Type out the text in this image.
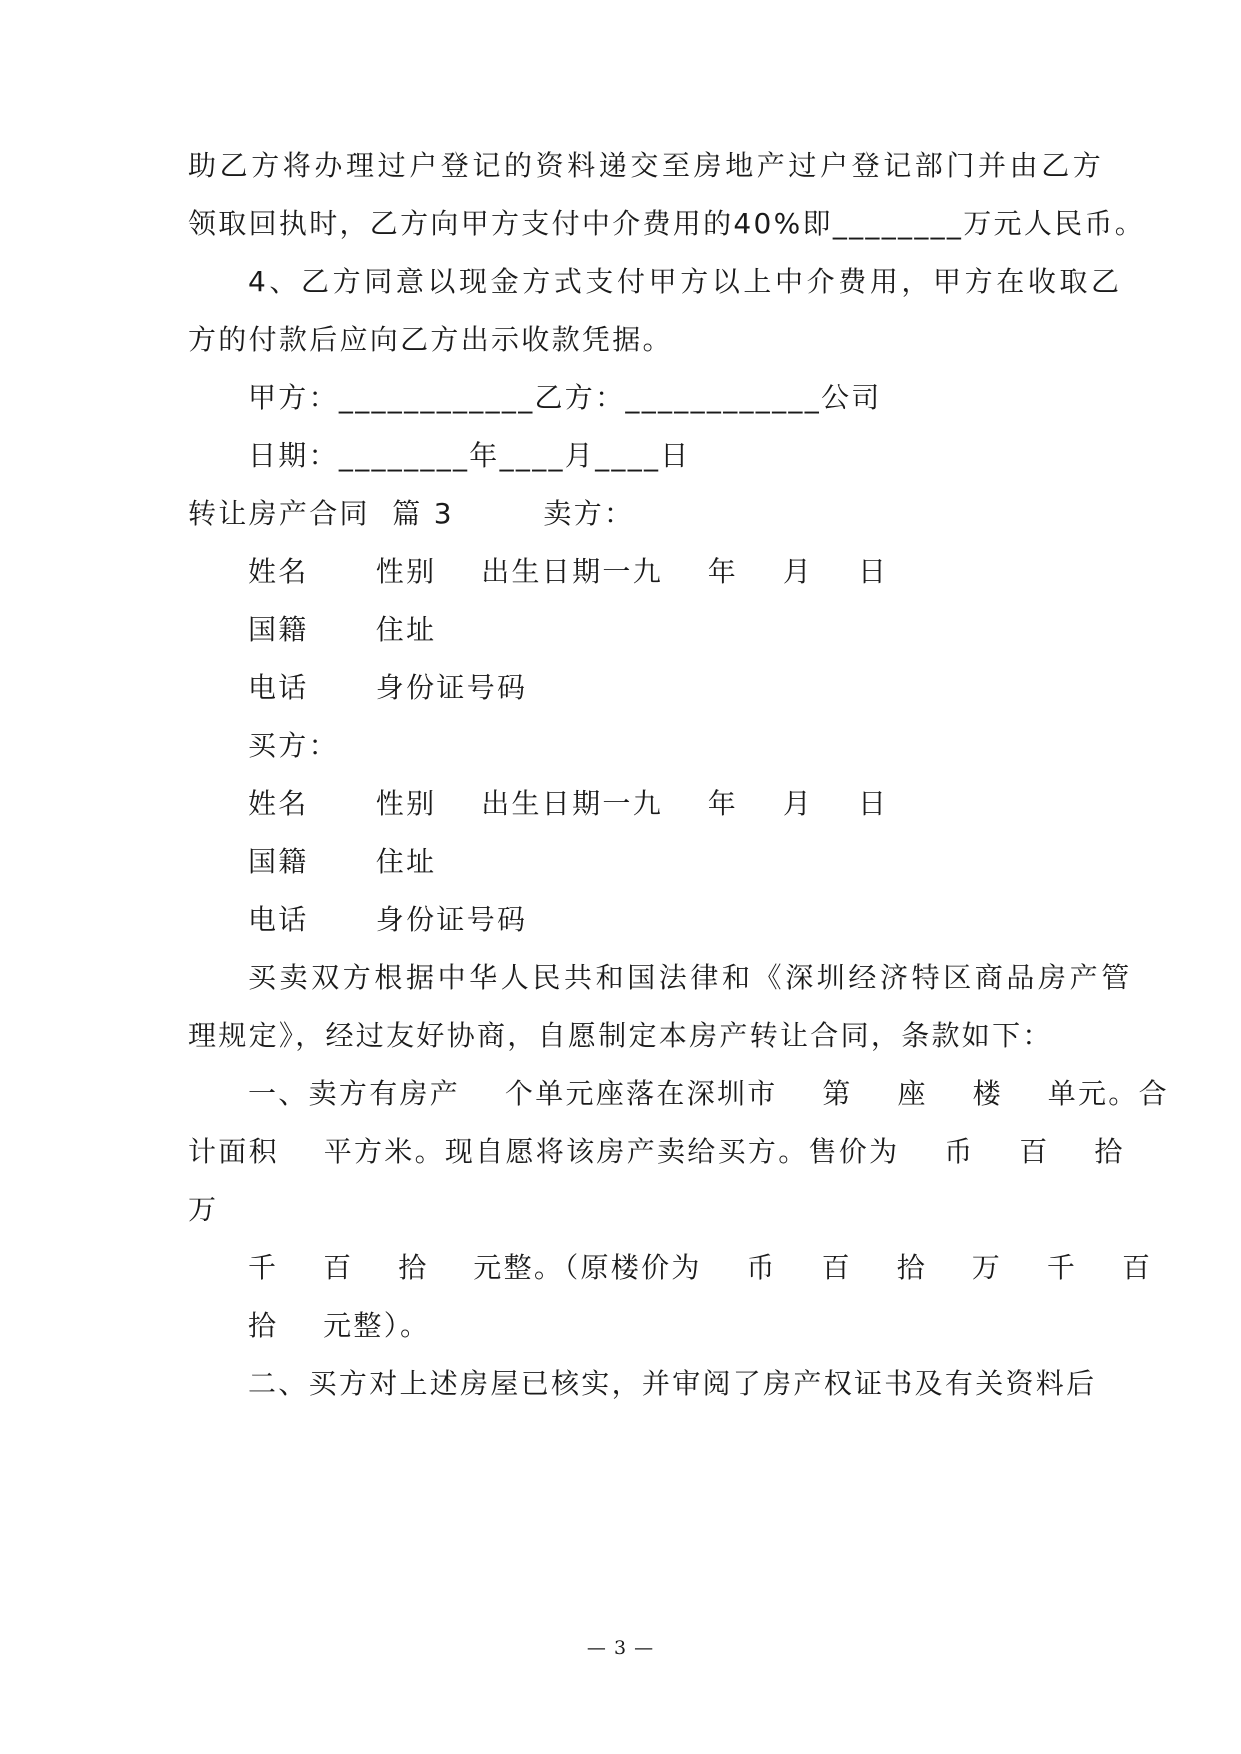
助乙方将办理过户登记的资料递交至房地产过户登记部门并由乙方
领取回执时，乙方向甲方支付中介费用的40%即________万元人民币。
4、乙方同意以现金方式支付甲方以上中介费用，甲方在收取乙
方的付款后应向乙方出示收款凭据。
甲方：____________乙方：____________公司
日期：________年____月____日
转让房产合同  篇 3        卖方：
姓名      性别    出生日期一九    年    月    日
国籍      住址
电话      身份证号码
买方：
姓名      性别    出生日期一九    年    月    日
国籍      住址
电话      身份证号码
买卖双方根据中华人民共和国法律和《深圳经济特区商品房产管
理规定》，经过友好协商，自愿制定本房产转让合同，条款如下：
一、卖方有房产    个单元座落在深圳市    第    座    楼    单元。合
计面积    平方米。现自愿将该房产卖给买方。售价为    币    百    拾
万
千    百    拾    元整。（原楼价为    币    百    拾    万    千    百
拾    元整）。
二、买方对上述房屋已核实，并审阅了房产权证书及有关资料后
— 3 —
